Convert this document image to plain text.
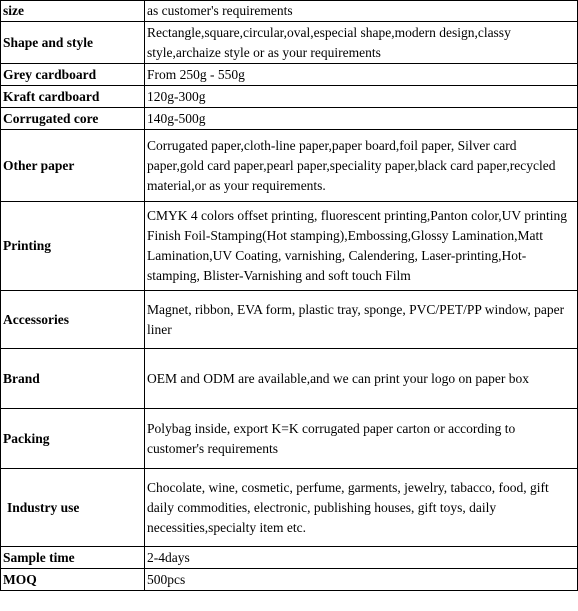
size	as customer's requirements
Shape and style	Rectangle,square,circular,oval,especial shape,modern design,classy style,archaize style or as your requirements
Grey cardboard	From 250g - 550g
Kraft cardboard	120g-300g
Corrugated core	140g-500g
Other paper	Corrugated paper,cloth-line paper,paper board,foil paper, Silver card paper,gold card paper,pearl paper,speciality paper,black card paper,recycled material,or as your requirements.
Printing	CMYK 4 colors offset printing, fluorescent printing,Panton color,UV printing Finish Foil-Stamping(Hot stamping),Embossing,Glossy Lamination,Matt Lamination,UV Coating, varnishing, Calendering, Laser-printing,Hot-stamping, Blister-Varnishing and soft touch Film
Accessories	Magnet, ribbon, EVA form, plastic tray, sponge, PVC/PET/PP window, paper liner
Brand	OEM and ODM are available,and we can print your logo on paper box
Packing	Polybag inside, export K=K corrugated paper carton or according to customer's requirements
Industry use	Chocolate, wine, cosmetic, perfume, garments, jewelry, tabacco, food, gift daily commodities, electronic, publishing houses, gift toys, daily necessities,specialty item etc.
Sample time	2-4days
MOQ	500pcs
